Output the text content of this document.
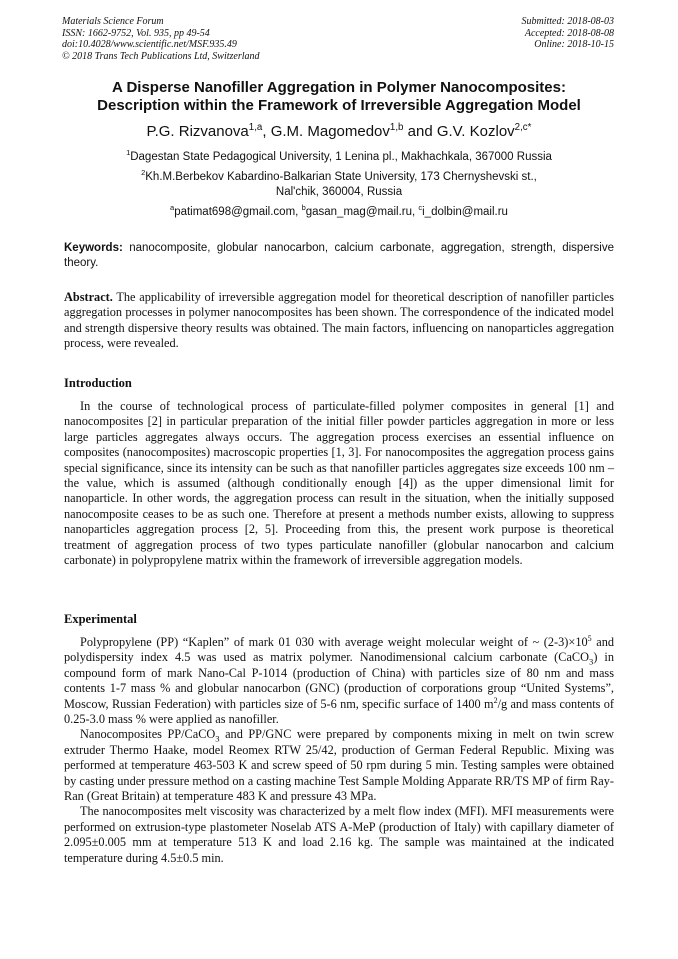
Materials Science Forum
ISSN: 1662-9752, Vol. 935, pp 49-54
doi:10.4028/www.scientific.net/MSF.935.49
© 2018 Trans Tech Publications Ltd, Switzerland
Submitted: 2018-08-03
Accepted: 2018-08-08
Online: 2018-10-15
A Disperse Nanofiller Aggregation in Polymer Nanocomposites:
Description within the Framework of Irreversible Aggregation Model
P.G. Rizvanova$^{1,a}$, G.M. Magomedov$^{1,b}$ and G.V. Kozlov$^{2,c*}$
$^1$Dagestan State Pedagogical University, 1 Lenina pl., Makhachkala, 367000 Russia
$^2$Kh.M.Berbekov Kabardino-Balkarian State University, 173 Chernyshevski st.,
Nal'chik, 360004, Russia
$^a$patimat698@gmail.com, $^b$gasan_mag@mail.ru, $^c$i_dolbin@mail.ru
Keywords: nanocomposite, globular nanocarbon, calcium carbonate, aggregation, strength, dispersive theory.
Abstract. The applicability of irreversible aggregation model for theoretical description of nanofiller particles aggregation processes in polymer nanocomposites has been shown. The correspondence of the indicated model and strength dispersive theory results was obtained. The main factors, influencing on nanoparticles aggregation process, were revealed.
Introduction

In the course of technological process of particulate-filled polymer composites in general [1] and nanocomposites [2] in particular preparation of the initial filler powder particles aggregation in more or less large particles aggregates always occurs. The aggregation process exercises an essential influence on composites (nanocomposites) macroscopic properties [1, 3]. For nanocomposites the aggregation process gains special significance, since its intensity can be such as that nanofiller particles aggregates size exceeds 100 nm – the value, which is assumed (although conditionally enough [4]) as the upper dimensional limit for nanoparticle. In other words, the aggregation process can result in the situation, when the initially supposed nanocomposite ceases to be as such one. Therefore at present a methods number exists, allowing to suppress nanoparticles aggregation process [2, 5]. Proceeding from this, the present work purpose is theoretical treatment of aggregation process of two types particulate nanofiller (globular nanocarbon and calcium carbonate) in polypropylene matrix within the framework of irreversible aggregation models.

Experimental

Polypropylene (PP) “Kaplen” of mark 01 030 with average weight molecular weight of ~ $(2-3)\times 10^5$ and polydispersity index 4.5 was used as matrix polymer. Nanodimensional calcium carbonate (CaCO$_3$) in compound form of mark Nano-Cal P-1014 (production of China) with particles size of 80 nm and mass contents 1-7 mass % and globular nanocarbon (GNC) (production of corporations group “United Systems”, Moscow, Russian Federation) with particles size of 5-6 nm, specific surface of 1400 $m^2/g$ and mass contents of 0.25-3.0 mass % were applied as nanofiller.

Nanocomposites PP/CaCO$_3$ and PP/GNC were prepared by components mixing in melt on twin screw extruder Thermo Haake, model Reomex RTW 25/42, production of German Federal Republic. Mixing was performed at temperature 463-503 K and screw speed of 50 rpm during 5 min. Testing samples were obtained by casting under pressure method on a casting machine Test Sample Molding Apparate RR/TS MP of firm Ray-Ran (Great Britain) at temperature 483 K and pressure 43 MPa.

The nanocomposites melt viscosity was characterized by a melt flow index (MFI). MFI measurements were performed on extrusion-type plastometer Noselab ATS A-MeP (production of Italy) with capillary diameter of 2.095±0.005 mm at temperature 513 K and load 2.16 kg. The sample was maintained at the indicated temperature during 4.5±0.5 min.
